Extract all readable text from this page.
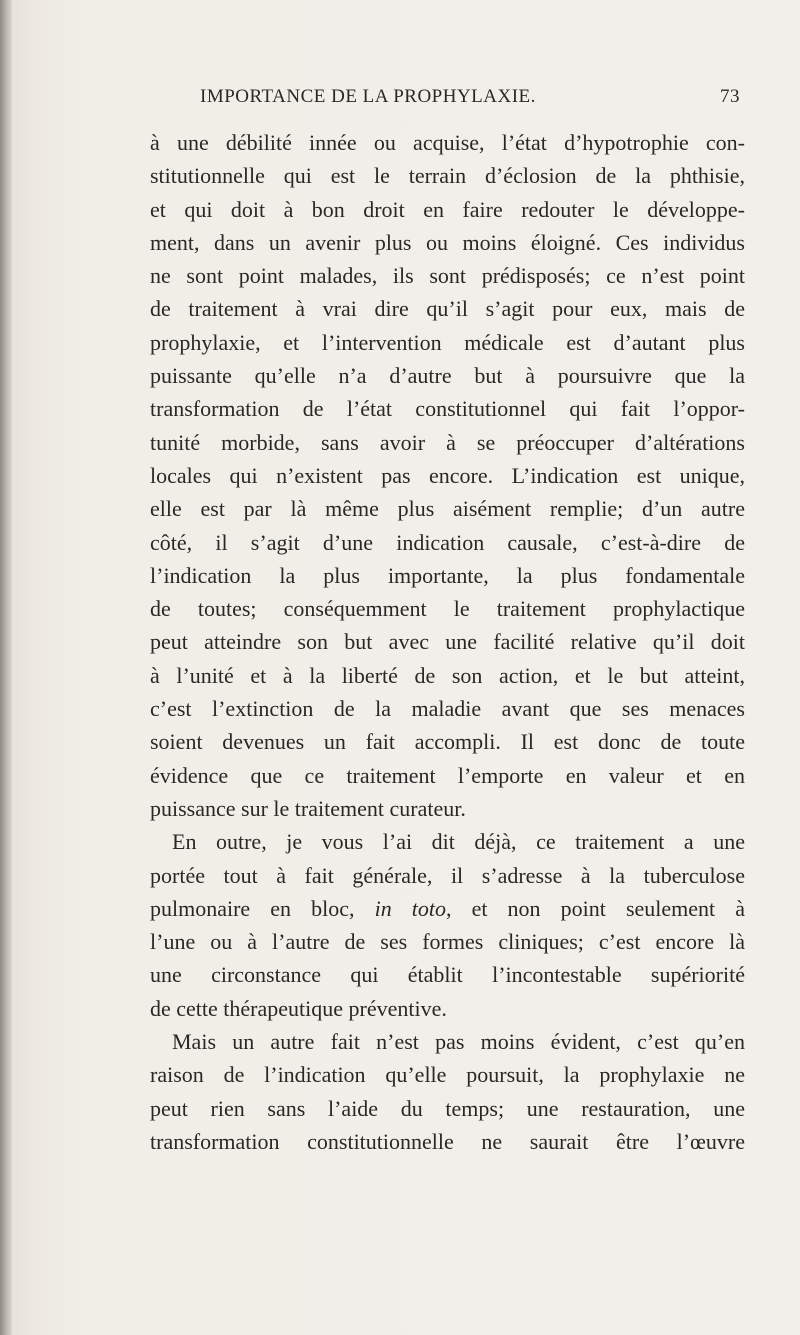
IMPORTANCE DE LA PROPHYLAXIE.	73
à une débilité innée ou acquise, l’état d’hypotrophie con-
stitutionnelle qui est le terrain d’éclosion de la phthisie,
et qui doit à bon droit en faire redouter le développe-
ment, dans un avenir plus ou moins éloigné. Ces individus
ne sont point malades, ils sont prédisposés; ce n’est point
de traitement à vrai dire qu’il s’agit pour eux, mais de
prophylaxie, et l’intervention médicale est d’autant plus
puissante qu’elle n’a d’autre but à poursuivre que la
transformation de l’état constitutionnel qui fait l’oppor-
tunité morbide, sans avoir à se préoccuper d’altérations
locales qui n’existent pas encore. L’indication est unique,
elle est par là même plus aisément remplie; d’un autre
côté, il s’agit d’une indication causale, c’est-à-dire de
l’indication la plus importante, la plus fondamentale
de toutes; conséquemment le traitement prophylactique
peut atteindre son but avec une facilité relative qu’il doit
à l’unité et à la liberté de son action, et le but atteint,
c’est l’extinction de la maladie avant que ses menaces
soient devenues un fait accompli. Il est donc de toute
évidence que ce traitement l’emporte en valeur et en
puissance sur le traitement curateur.
En outre, je vous l’ai dit déjà, ce traitement a une
portée tout à fait générale, il s’adresse à la tuberculose
pulmonaire en bloc, in toto, et non point seulement à
l’une ou à l’autre de ses formes cliniques; c’est encore là
une circonstance qui établit l’incontestable supériorité
de cette thérapeutique préventive.
Mais un autre fait n’est pas moins évident, c’est qu’en
raison de l’indication qu’elle poursuit, la prophylaxie ne
peut rien sans l’aide du temps; une restauration, une
transformation constitutionnelle ne saurait être l’œuvre
